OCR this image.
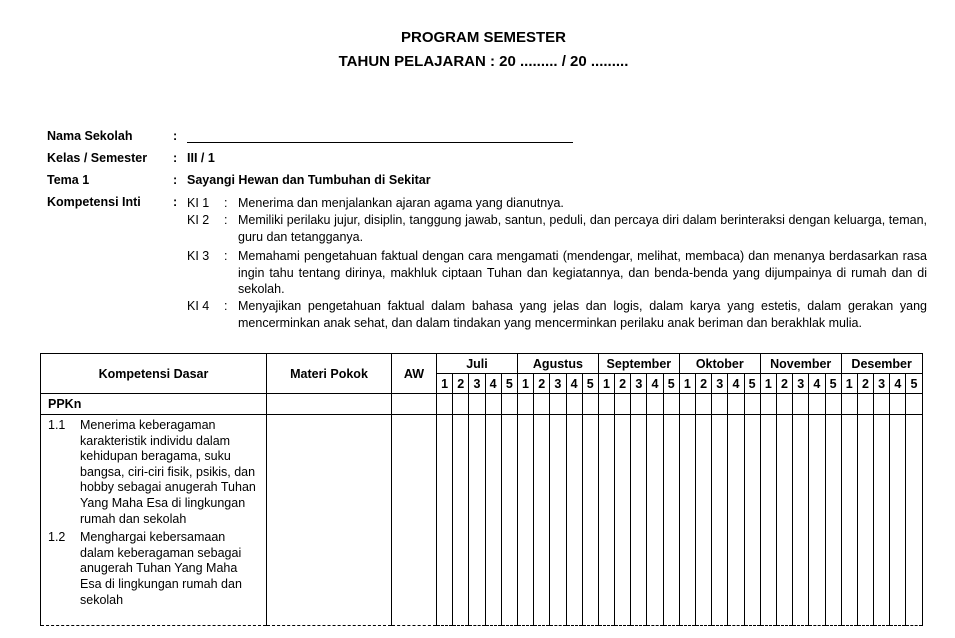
PROGRAM SEMESTER
TAHUN PELAJARAN : 20 ......... / 20 .........
Nama Sekolah	:
Kelas / Semester : III / 1
Tema 1	: Sayangi Hewan dan Tumbuhan di Sekitar
Kompetensi Inti	: KI 1 : Menerima dan menjalankan ajaran agama yang dianutnya.
KI 2 : Memiliki perilaku jujur, disiplin, tanggung jawab, santun, peduli, dan percaya diri dalam berinteraksi dengan keluarga, teman, guru dan tetangganya.
KI 3 : Memahami pengetahuan faktual dengan cara mengamati (mendengar, melihat, membaca) dan menanya berdasarkan rasa ingin tahu tentang dirinya, makhluk ciptaan Tuhan dan kegiatannya, dan benda-benda yang dijumpainya di rumah dan di sekolah.
KI 4 : Menyajikan pengetahuan faktual dalam bahasa yang jelas dan logis, dalam karya yang estetis, dalam gerakan yang mencerminkan anak sehat, dan dalam tindakan yang mencerminkan perilaku anak beriman dan berakhlak mulia.
Kompetensi Dasar	Materi Pokok	AW	Juli					Agustus					September					Oktober					November					Desember				
			1	2	3	4	5	1	2	3	4	5	1	2	3	4	5	1	2	3	4	5	1	2	3	4	5	1	2	3	4	5
PPKn																																

1.1 Menerima keberagaman karakteristik individu dalam kehidupan beragama, suku bangsa, ciri-ciri fisik, psikis, dan hobby sebagai anugerah Tuhan Yang Maha Esa di lingkungan rumah dan sekolah
1.2 Menghargai kebersamaan dalam keberagaman sebagai anugerah Tuhan Yang Maha Esa di lingkungan rumah dan sekolah																																
